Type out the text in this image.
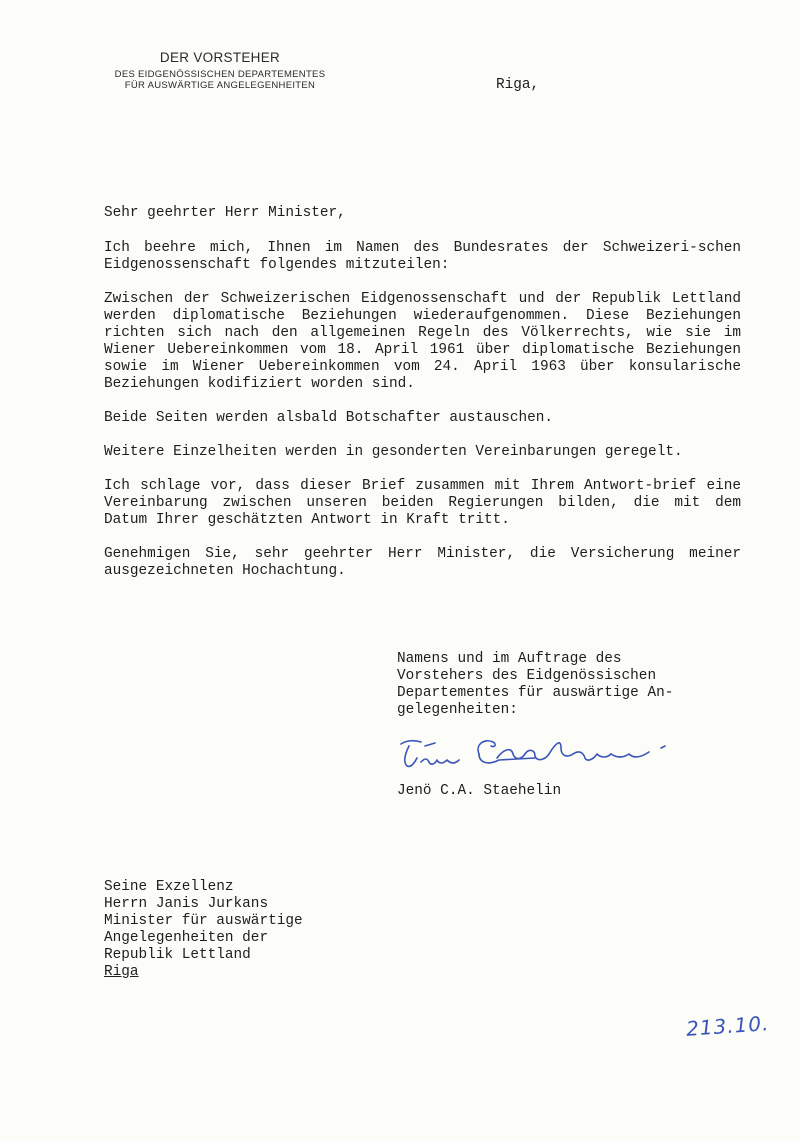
DER VORSTEHER
DES EIDGENÖSSISCHEN DEPARTEMENTES
FÜR AUSWÄRTIGE ANGELEGENHEITEN	Riga,
Sehr geehrter Herr Minister,

Ich beehre mich, Ihnen im Namen des Bundesrates der Schweizeri-schen Eidgenossenschaft folgendes mitzuteilen:

Zwischen der Schweizerischen Eidgenossenschaft und der Republik Lettland werden diplomatische Beziehungen wiederaufgenommen. Diese Beziehungen richten sich nach den allgemeinen Regeln des Völkerrechts, wie sie im Wiener Uebereinkommen vom 18. April 1961 über diplomatische Beziehungen sowie im Wiener Uebereinkommen vom 24. April 1963 über konsularische Beziehungen kodifiziert worden sind.

Beide Seiten werden alsbald Botschafter austauschen.

Weitere Einzelheiten werden in gesonderten Vereinbarungen geregelt.

Ich schlage vor, dass dieser Brief zusammen mit Ihrem Antwort-brief eine Vereinbarung zwischen unseren beiden Regierungen bilden, die mit dem Datum Ihrer geschätzten Antwort in Kraft tritt.

Genehmigen Sie, sehr geehrter Herr Minister, die Versicherung meiner ausgezeichneten Hochachtung.

Namens und im Auftrage des
Vorstehers des Eidgenössischen
Departementes für auswärtige An-
gelegenheiten:
Jenö C.A. Staehelin
Seine Exzellenz
Herrn Janis Jurkans
Minister für auswärtige
Angelegenheiten der
Republik Lettland
Riga
213.10.
